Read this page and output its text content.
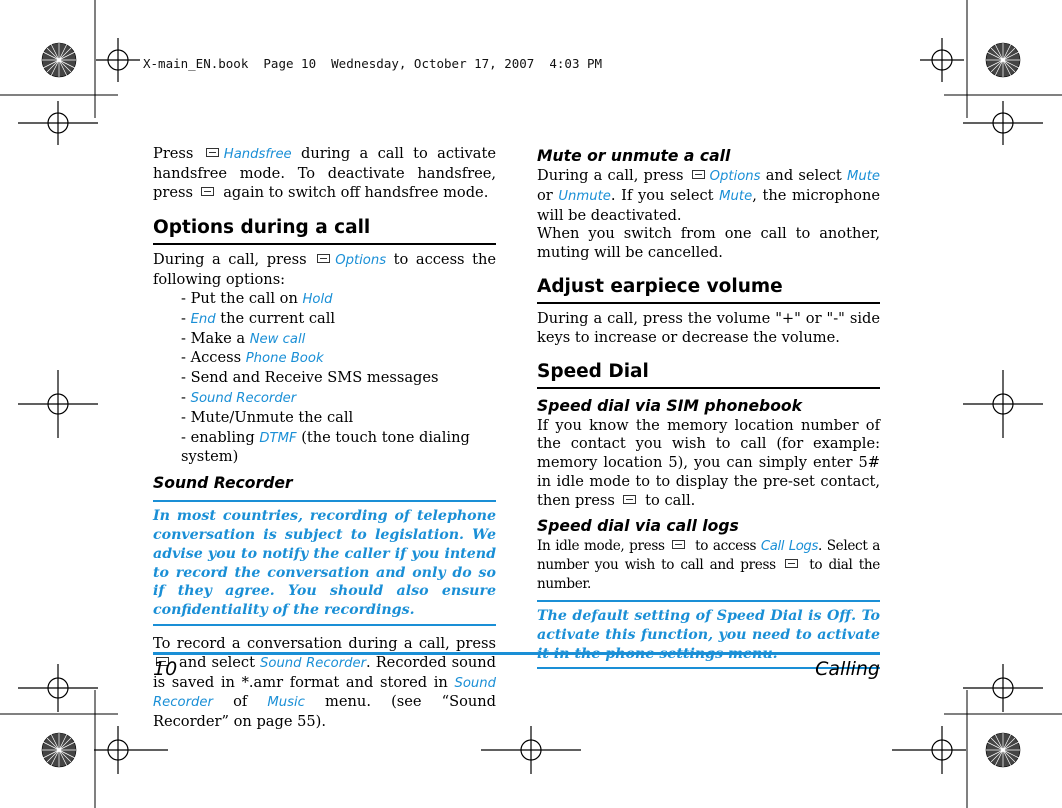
X-main_EN.book  Page 10  Wednesday, October 17, 2007  4:03 PM

Press Handsfree during a call to activate handsfree mode. To deactivate handsfree, press again to switch off handsfree mode.

Options during a call

During a call, press Options to access the following options:

- Put the call on Hold
- End the current call
- Make a New call
- Access Phone Book
- Send and Receive SMS messages
- Sound Recorder
- Mute/Unmute the call
- enabling DTMF (the touch tone dialing system)
Sound Recorder

In most countries, recording of telephone conversation is subject to legislation. We advise you to notify the caller if you intend to record the conversation and only do so if they agree. You should also ensure confidentiality of the recordings.

To record a conversation during a call, press  and select Sound Recorder. Recorded sound is saved in *.amr format and stored in Sound Recorder of Music menu. (see “Sound Recorder” on page 55).

Mute or unmute a call

During a call, press Options and select Mute or Unmute. If you select Mute, the microphone will be deactivated.

When you switch from one call to another, muting will be cancelled.

Adjust earpiece volume

During a call, press the volume "+" or "-" side keys to increase or decrease the volume.

Speed Dial
Speed dial via SIM phonebook

If you know the memory location number of the contact you wish to call (for example: memory location 5), you can simply enter 5# in idle mode to to display the pre-set contact, then press to call.

Speed dial via call logs

In idle mode, press to access Call Logs. Select a number you wish to call and press to dial the number.

The default setting of Speed Dial is Off. To activate this function, you need to activate it in the phone settings menu.

10	Calling
